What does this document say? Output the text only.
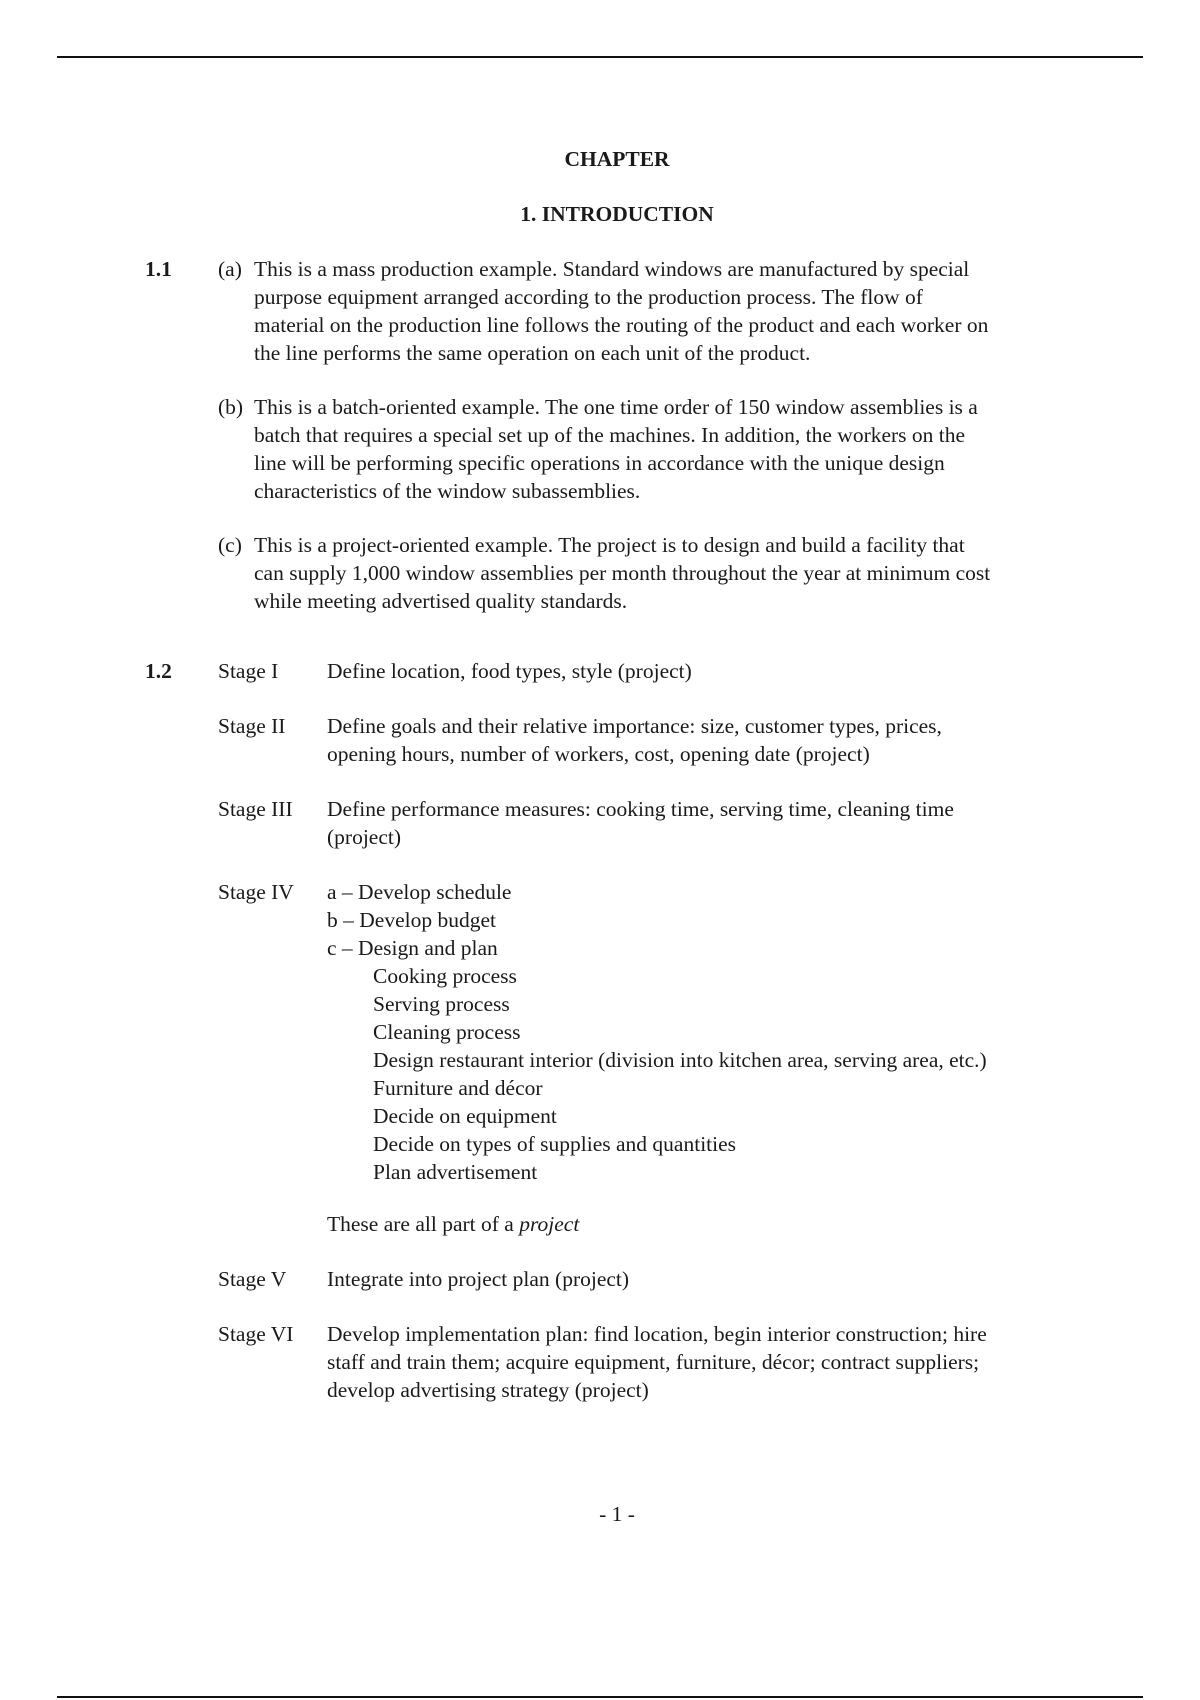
CHAPTER
1. INTRODUCTION
1.1 (a) This is a mass production example. Standard windows are manufactured by special
purpose equipment arranged according to the production process. The flow of
material on the production line follows the routing of the product and each worker on
the line performs the same operation on each unit of the product.
(b) This is a batch-oriented example. The one time order of 150 window assemblies is a
batch that requires a special set up of the machines. In addition, the workers on the
line will be performing specific operations in accordance with the unique design
characteristics of the window subassemblies.
(c) This is a project-oriented example. The project is to design and build a facility that
can supply 1,000 window assemblies per month throughout the year at minimum cost
while meeting advertised quality standards.
1.2 Stage I Define location, food types, style (project)
Stage II Define goals and their relative importance: size, customer types, prices,
opening hours, number of workers, cost, opening date (project)
Stage III Define performance measures: cooking time, serving time, cleaning time
(project)
Stage IV a – Develop schedule
b – Develop budget
c – Design and plan
Cooking process
Serving process
Cleaning process
Design restaurant interior (division into kitchen area, serving area, etc.)
Furniture and décor
Decide on equipment
Decide on types of supplies and quantities
Plan advertisement
These are all part of a project
Stage V Integrate into project plan (project)
Stage VI Develop implementation plan: find location, begin interior construction; hire
staff and train them; acquire equipment, furniture, décor; contract suppliers;
develop advertising strategy (project)
- 1 -
